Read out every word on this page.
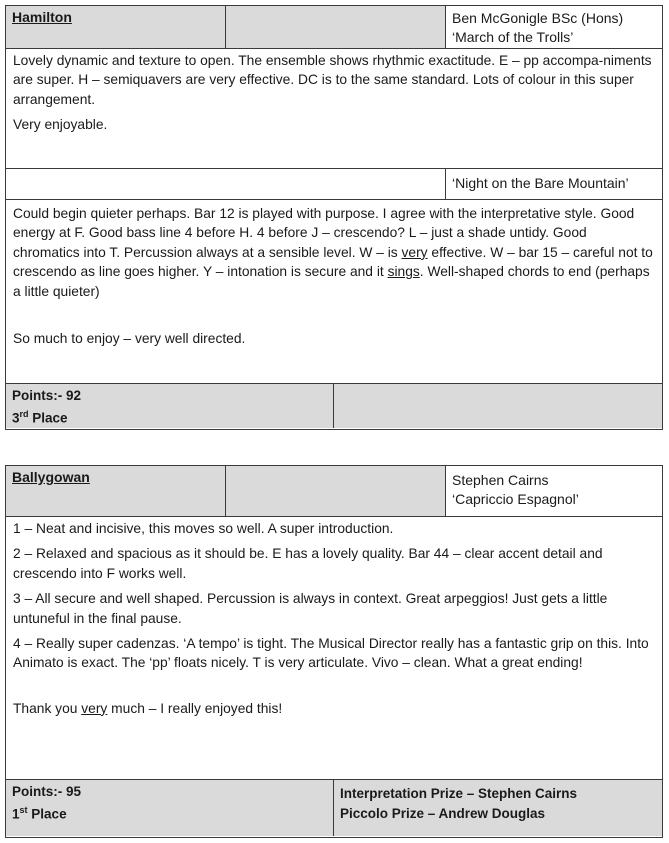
Hamilton	Ben McGonigle BSc (Hons)
‘March of the Trolls’

Lovely dynamic and texture to open. The ensemble shows rhythmic exactitude. E – pp accompa-niments are super. H – semiquavers are very effective. DC is to the same standard. Lots of colour in this super arrangement.

Very enjoyable.

‘Night on the Bare Mountain’

Could begin quieter perhaps. Bar 12 is played with purpose. I agree with the interpretative style. Good energy at F. Good bass line 4 before H. 4 before J – crescendo? L – just a shade untidy. Good chromatics into T. Percussion always at a sensible level. W – is very effective. W – bar 15 – careful not to crescendo as line goes higher. Y – intonation is secure and it sings. Well-shaped chords to end (perhaps a little quieter)

So much to enjoy – very well directed.

Points:- 92
3rd Place
Ballygowan	Stephen Cairns
‘Capriccio Espagnol’

1 – Neat and incisive, this moves so well. A super introduction.

2 – Relaxed and spacious as it should be. E has a lovely quality. Bar 44 – clear accent detail and crescendo into F works well.

3 – All secure and well shaped. Percussion is always in context. Great arpeggios! Just gets a little untuneful in the final pause.

4 – Really super cadenzas. ‘A tempo’ is tight. The Musical Director really has a fantastic grip on this. Into Animato is exact. The ‘pp’ floats nicely. T is very articulate. Vivo – clean. What a great ending!

Thank you very much – I really enjoyed this!

Points:- 95
1st Place
Interpretation Prize – Stephen Cairns
Piccolo Prize – Andrew Douglas
